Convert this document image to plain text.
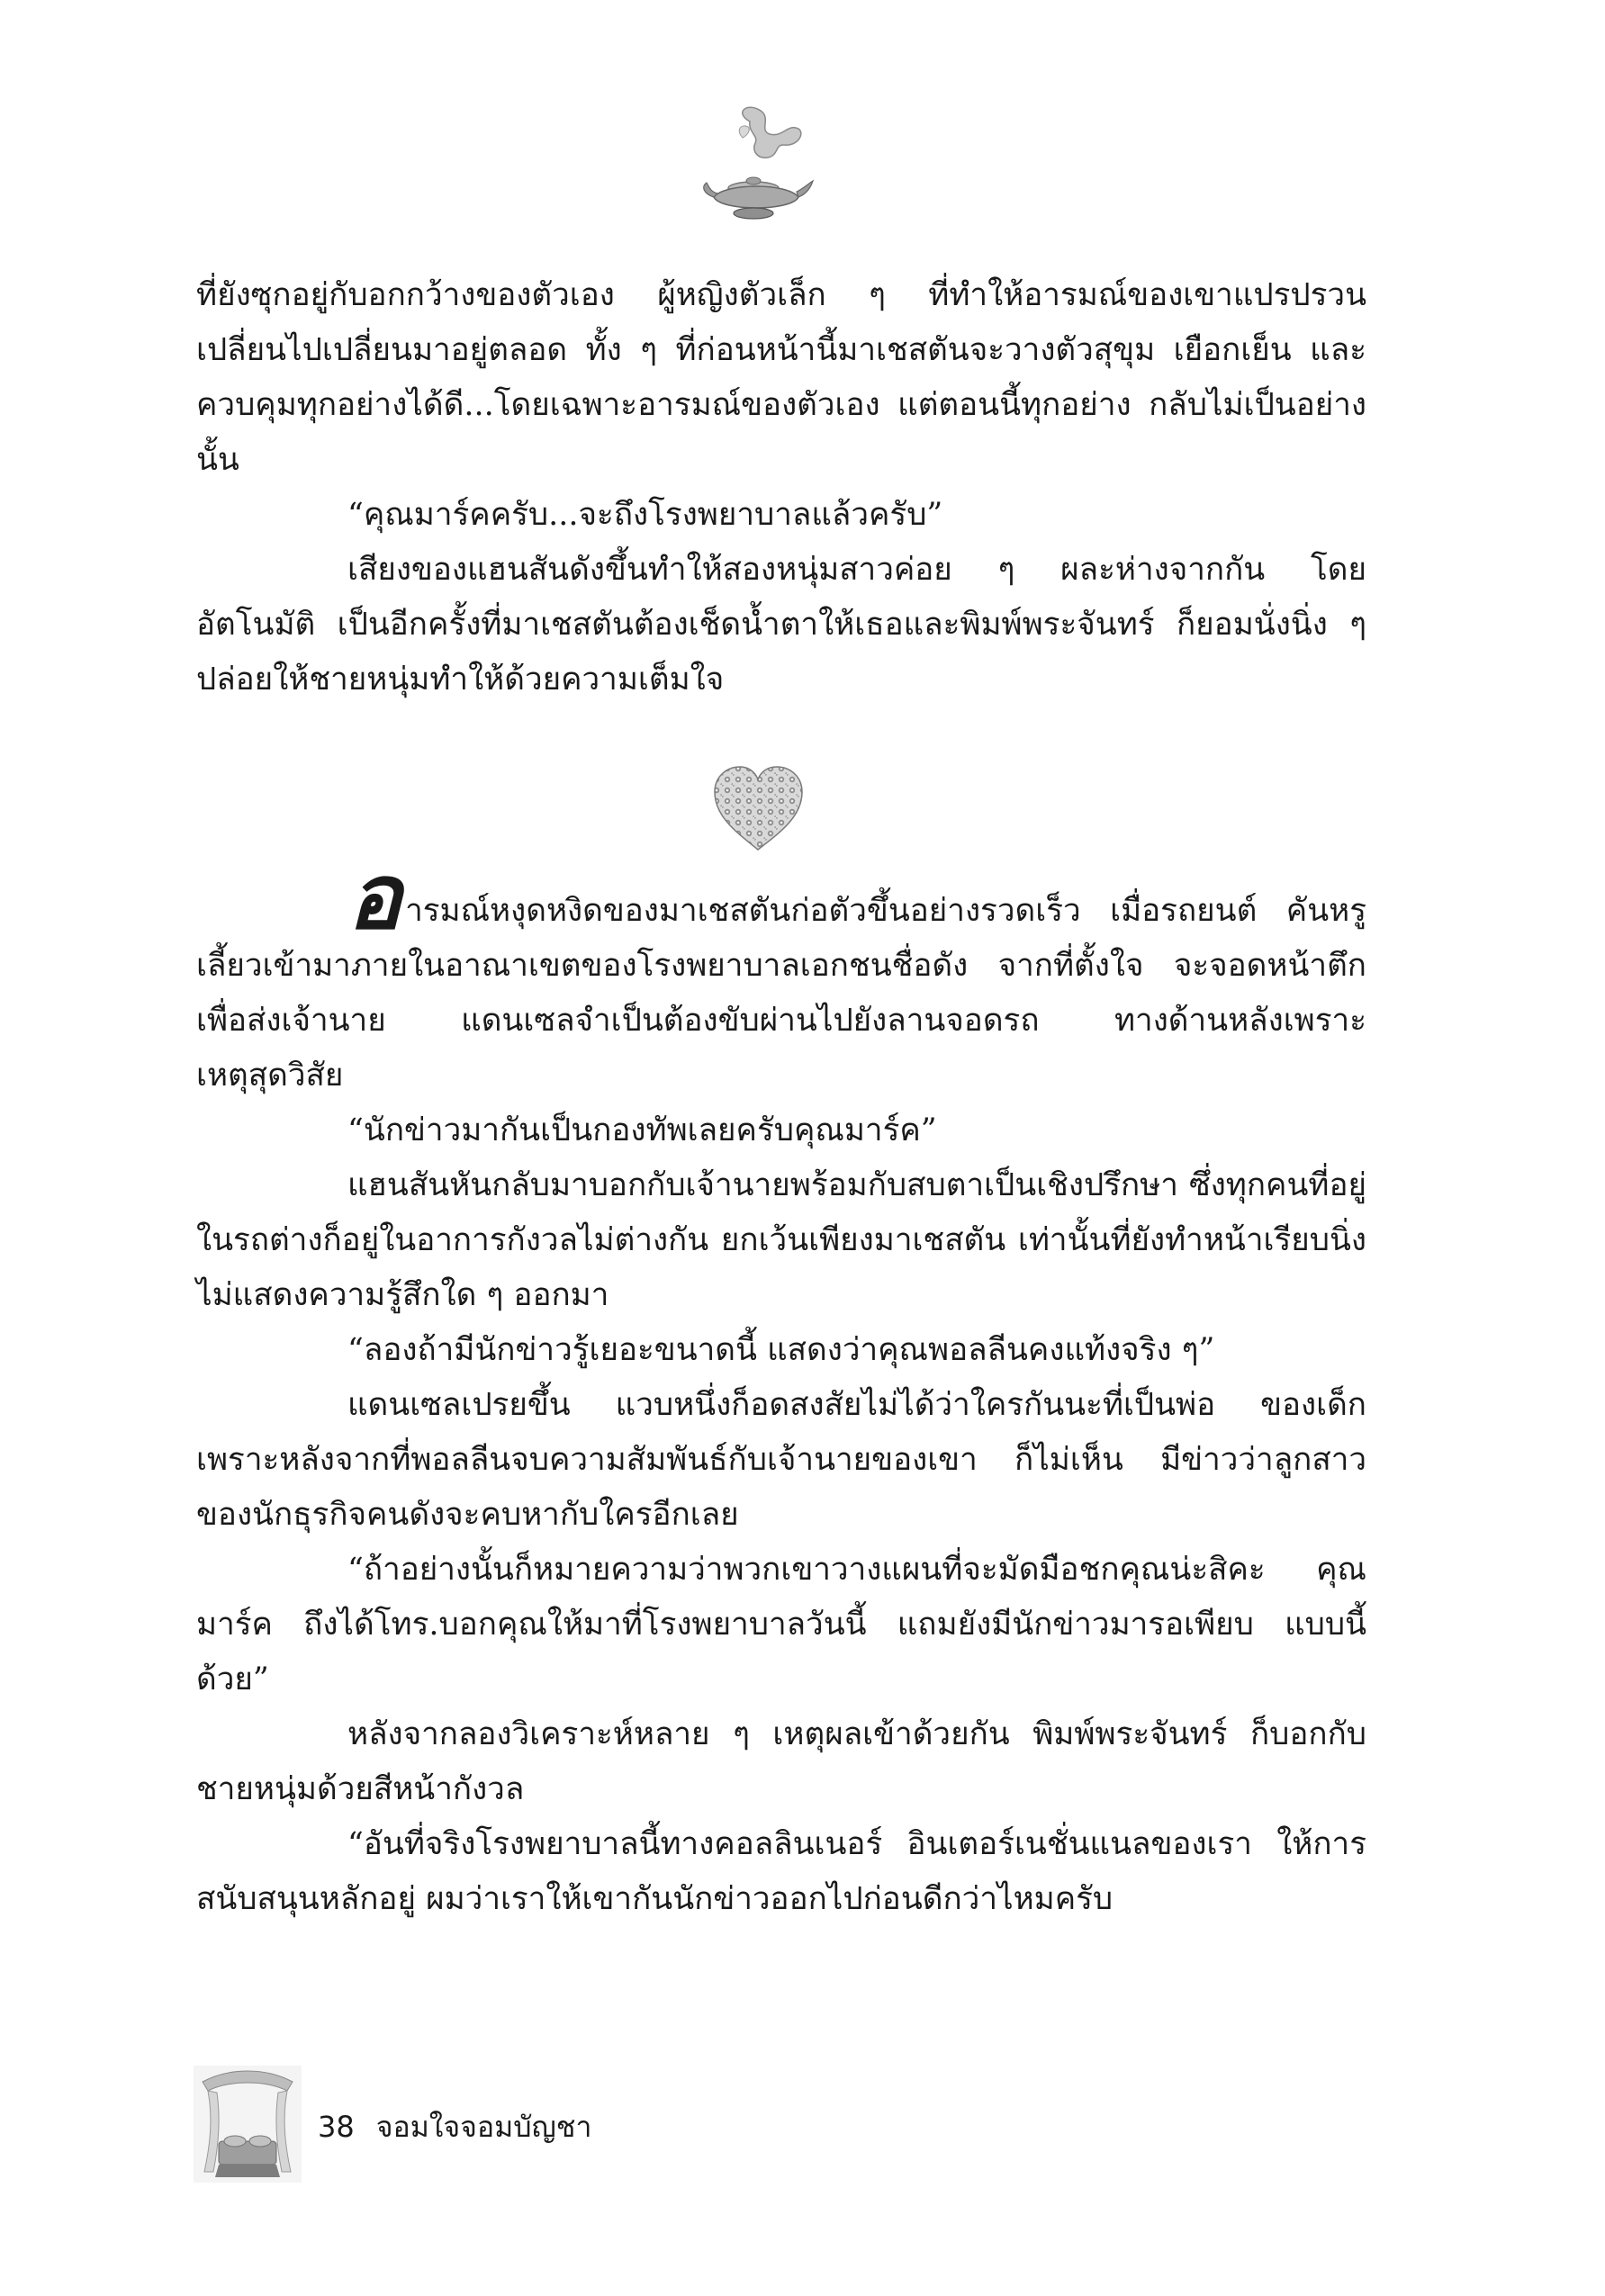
ที่ยังซุกอยู่กับอกกว้างของตัวเอง ผู้หญิงตัวเล็ก ๆ ที่ทำให้อารมณ์ของเขาแปรปรวน เปลี่ยนไปเปลี่ยนมาอยู่ตลอด ทั้ง ๆ ที่ก่อนหน้านี้มาเชสตันจะวางตัวสุขุม เยือกเย็น และควบคุมทุกอย่างได้ดี...โดยเฉพาะอารมณ์ของตัวเอง แต่ตอนนี้ทุกอย่าง กลับไม่เป็นอย่างนั้น

“คุณมาร์คครับ...จะถึงโรงพยาบาลแล้วครับ”

เสียงของแฮนสันดังขึ้นทำให้สองหนุ่มสาวค่อย ๆ ผละห่างจากกัน โดยอัตโนมัติ เป็นอีกครั้งที่มาเชสตันต้องเช็ดน้ำตาให้เธอและพิมพ์พระจันทร์ ก็ยอมนั่งนิ่ง ๆ ปล่อยให้ชายหนุ่มทำให้ด้วยความเต็มใจ

อารมณ์หงุดหงิดของมาเชสตันก่อตัวขึ้นอย่างรวดเร็ว เมื่อรถยนต์ คันหรูเลี้ยวเข้ามาภายในอาณาเขตของโรงพยาบาลเอกชนชื่อดัง จากที่ตั้งใจ จะจอดหน้าตึกเพื่อส่งเจ้านาย แดนเซลจำเป็นต้องขับผ่านไปยังลานจอดรถ ทางด้านหลังเพราะเหตุสุดวิสัย

“นักข่าวมากันเป็นกองทัพเลยครับคุณมาร์ค”

แฮนสันหันกลับมาบอกกับเจ้านายพร้อมกับสบตาเป็นเชิงปรึกษา ซึ่งทุกคนที่อยู่ในรถต่างก็อยู่ในอาการกังวลไม่ต่างกัน ยกเว้นเพียงมาเชสตัน เท่านั้นที่ยังทำหน้าเรียบนิ่ง ไม่แสดงความรู้สึกใด ๆ ออกมา

“ลองถ้ามีนักข่าวรู้เยอะขนาดนี้ แสดงว่าคุณพอลลีนคงแท้งจริง ๆ”

แดนเซลเปรยขึ้น แวบหนึ่งก็อดสงสัยไม่ได้ว่าใครกันนะที่เป็นพ่อ ของเด็ก เพราะหลังจากที่พอลลีนจบความสัมพันธ์กับเจ้านายของเขา ก็ไม่เห็น มีข่าวว่าลูกสาวของนักธุรกิจคนดังจะคบหากับใครอีกเลย

“ถ้าอย่างนั้นก็หมายความว่าพวกเขาวางแผนที่จะมัดมือชกคุณน่ะสิคะ คุณมาร์ค ถึงได้โทร.บอกคุณให้มาที่โรงพยาบาลวันนี้ แถมยังมีนักข่าวมารอเพียบ แบบนี้ด้วย”

หลังจากลองวิเคราะห์หลาย ๆ เหตุผลเข้าด้วยกัน พิมพ์พระจันทร์ ก็บอกกับชายหนุ่มด้วยสีหน้ากังวล

“อันที่จริงโรงพยาบาลนี้ทางคอลลินเนอร์ อินเตอร์เนชั่นแนลของเรา ให้การสนับสนุนหลักอยู่ ผมว่าเราให้เขากันนักข่าวออกไปก่อนดีกว่าไหมครับ

38 จอมใจจอมบัญชา
